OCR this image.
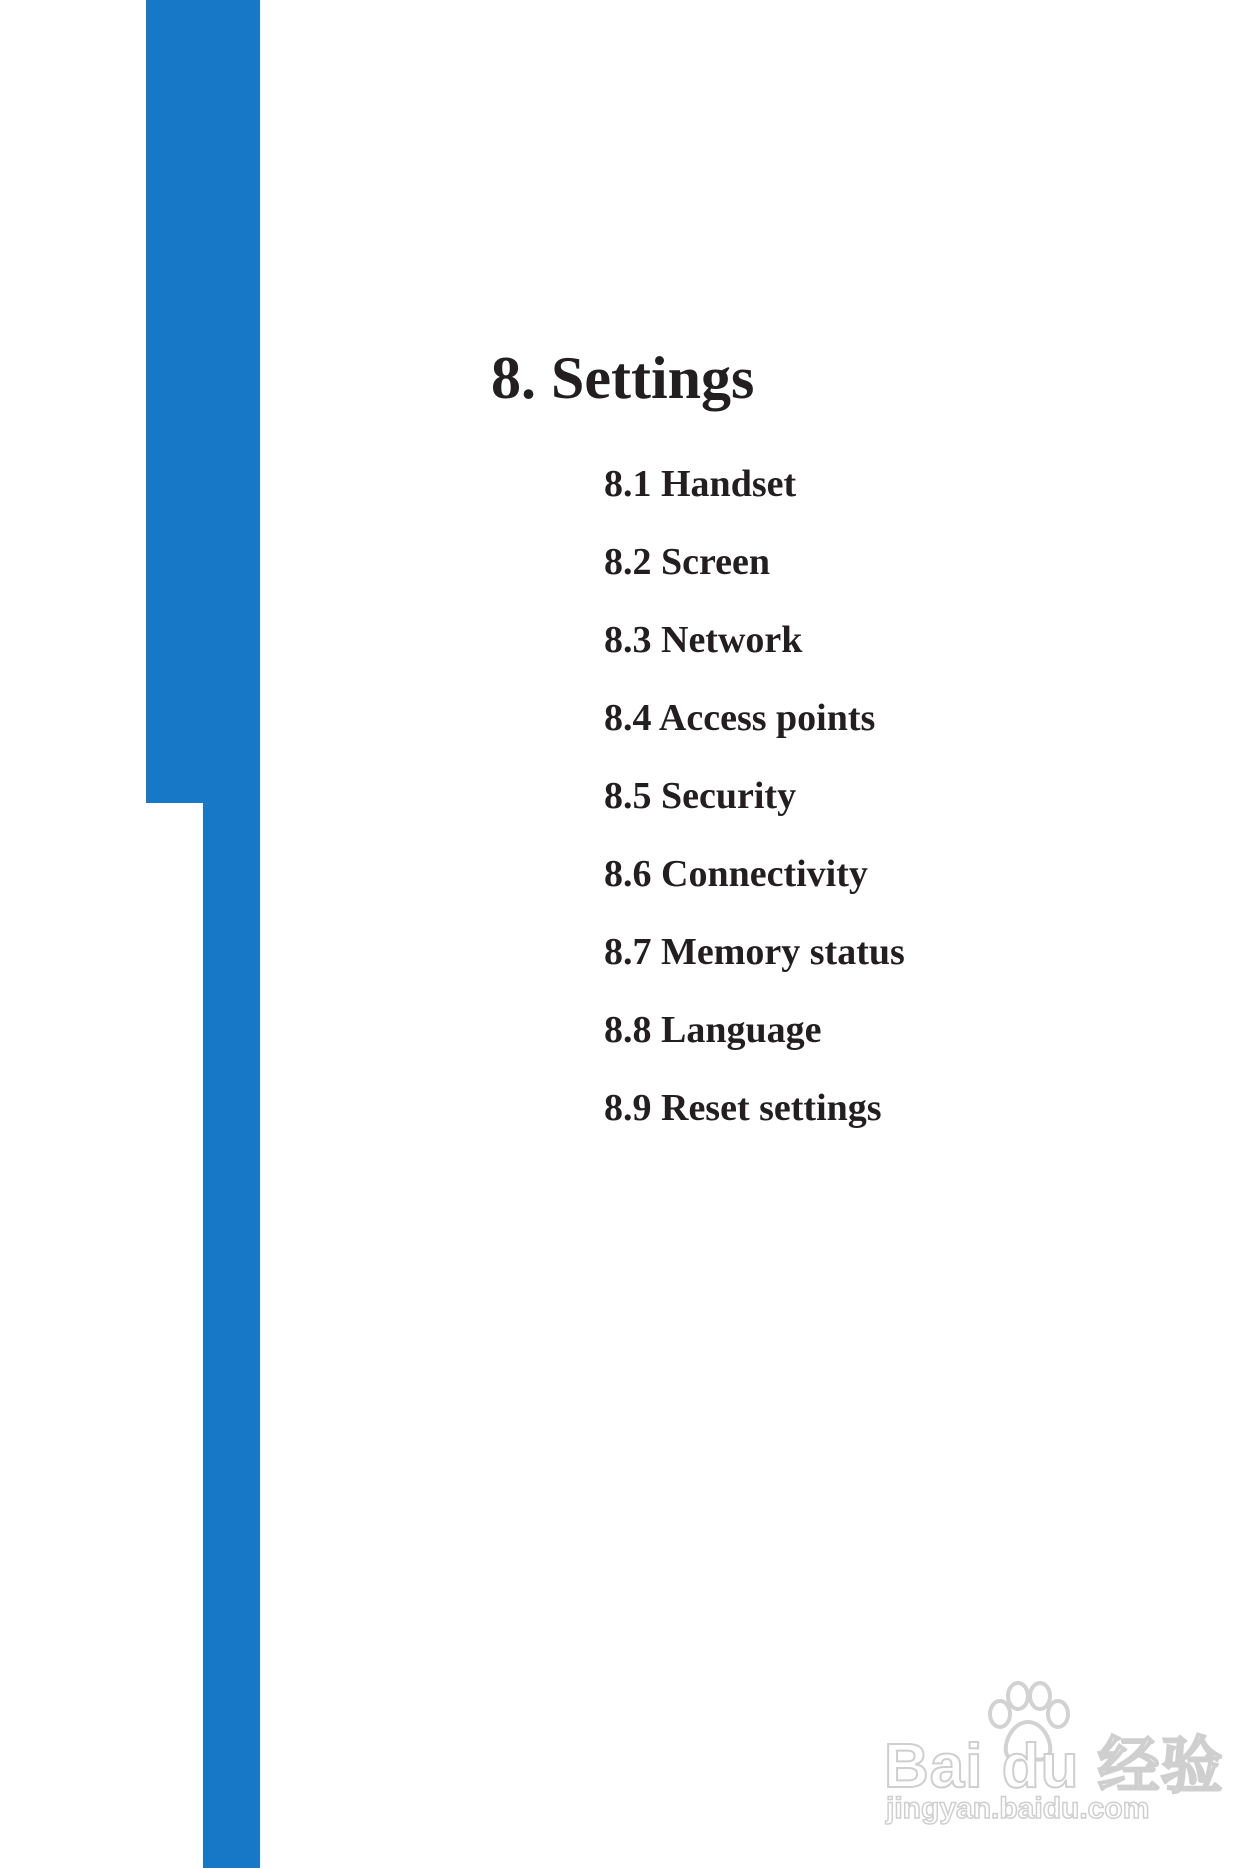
8. Settings
8.1 Handset
8.2 Screen
8.3 Network
8.4 Access points
8.5 Security
8.6 Connectivity
8.7 Memory status
8.8 Language
8.9 Reset settings
Bai du 经验
jingyan.baidu.com
